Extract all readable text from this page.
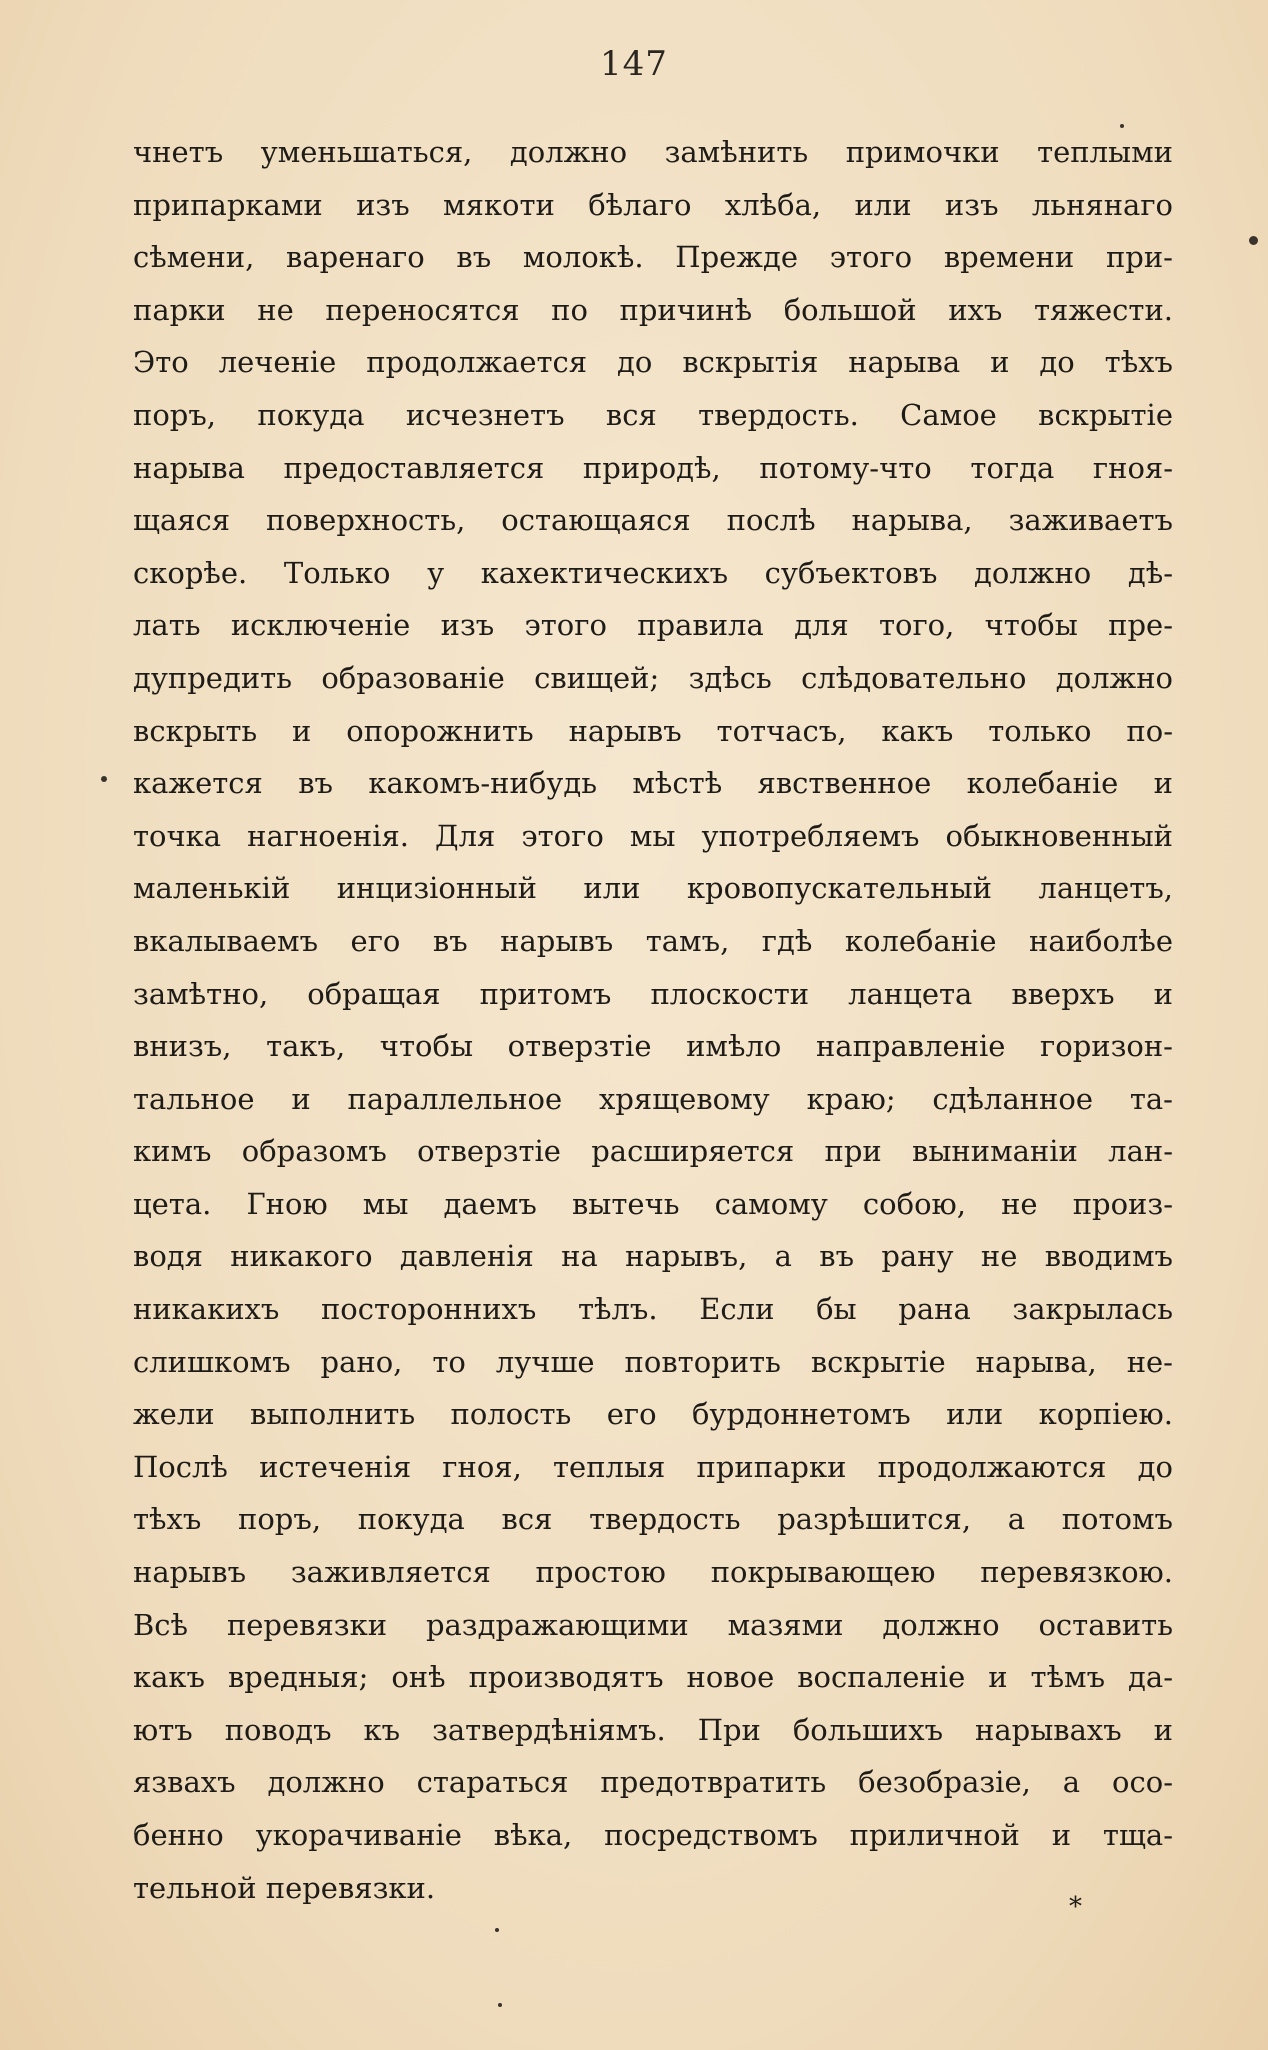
147
чнетъ уменьшаться, должно замѣнить примочки теплыми
припарками изъ мякоти бѣлаго хлѣба, или изъ льнянаго
сѣмени, варенаго въ молокѣ. Прежде этого времени при-
парки не переносятся по причинѣ большой ихъ тяжести.
Это леченіе продолжается до вскрытія нарыва и до тѣхъ
поръ, покуда исчезнетъ вся твердость. Самое вскрытіе
нарыва предоставляется природѣ, потому-что тогда гноя-
щаяся поверхность, остающаяся послѣ нарыва, заживаетъ
скорѣе. Только у кахектическихъ субъектовъ должно дѣ-
лать исключеніе изъ этого правила для того, чтобы пре-
дупредить образованіе свищей; здѣсь слѣдовательно должно
вскрыть и опорожнить нарывъ тотчасъ, какъ только по-
кажется въ какомъ-нибудь мѣстѣ явственное колебаніе и
точка нагноенія. Для этого мы употребляемъ обыкновенный
маленькій инцизіонный или кровопускательный ланцетъ,
вкалываемъ его въ нарывъ тамъ, гдѣ колебаніе наиболѣе
замѣтно, обращая притомъ плоскости ланцета вверхъ и
внизъ, такъ, чтобы отверзтіе имѣло направленіе горизон-
тальное и параллельное хрящевому краю; сдѣланное та-
кимъ образомъ отверзтіе расширяется при выниманіи лан-
цета. Гною мы даемъ вытечь самому собою, не произ-
водя никакого давленія на нарывъ, а въ рану не вводимъ
никакихъ постороннихъ тѣлъ. Если бы рана закрылась
слишкомъ рано, то лучше повторить вскрытіе нарыва, не-
жели выполнить полость его бурдоннетомъ или корпіею.
Послѣ истеченія гноя, теплыя припарки продолжаются до
тѣхъ поръ, покуда вся твердость разрѣшится, а потомъ
нарывъ заживляется простою покрывающею перевязкою.
Всѣ перевязки раздражающими мазями должно оставить
какъ вредныя; онѣ производятъ новое воспаленіе и тѣмъ да-
ютъ поводъ къ затвердѣніямъ. При большихъ нарывахъ и
язвахъ должно стараться предотвратить безобразіе, а осо-
бенно укорачиваніе вѣка, посредствомъ приличной и тща-
тельной перевязки.
*
